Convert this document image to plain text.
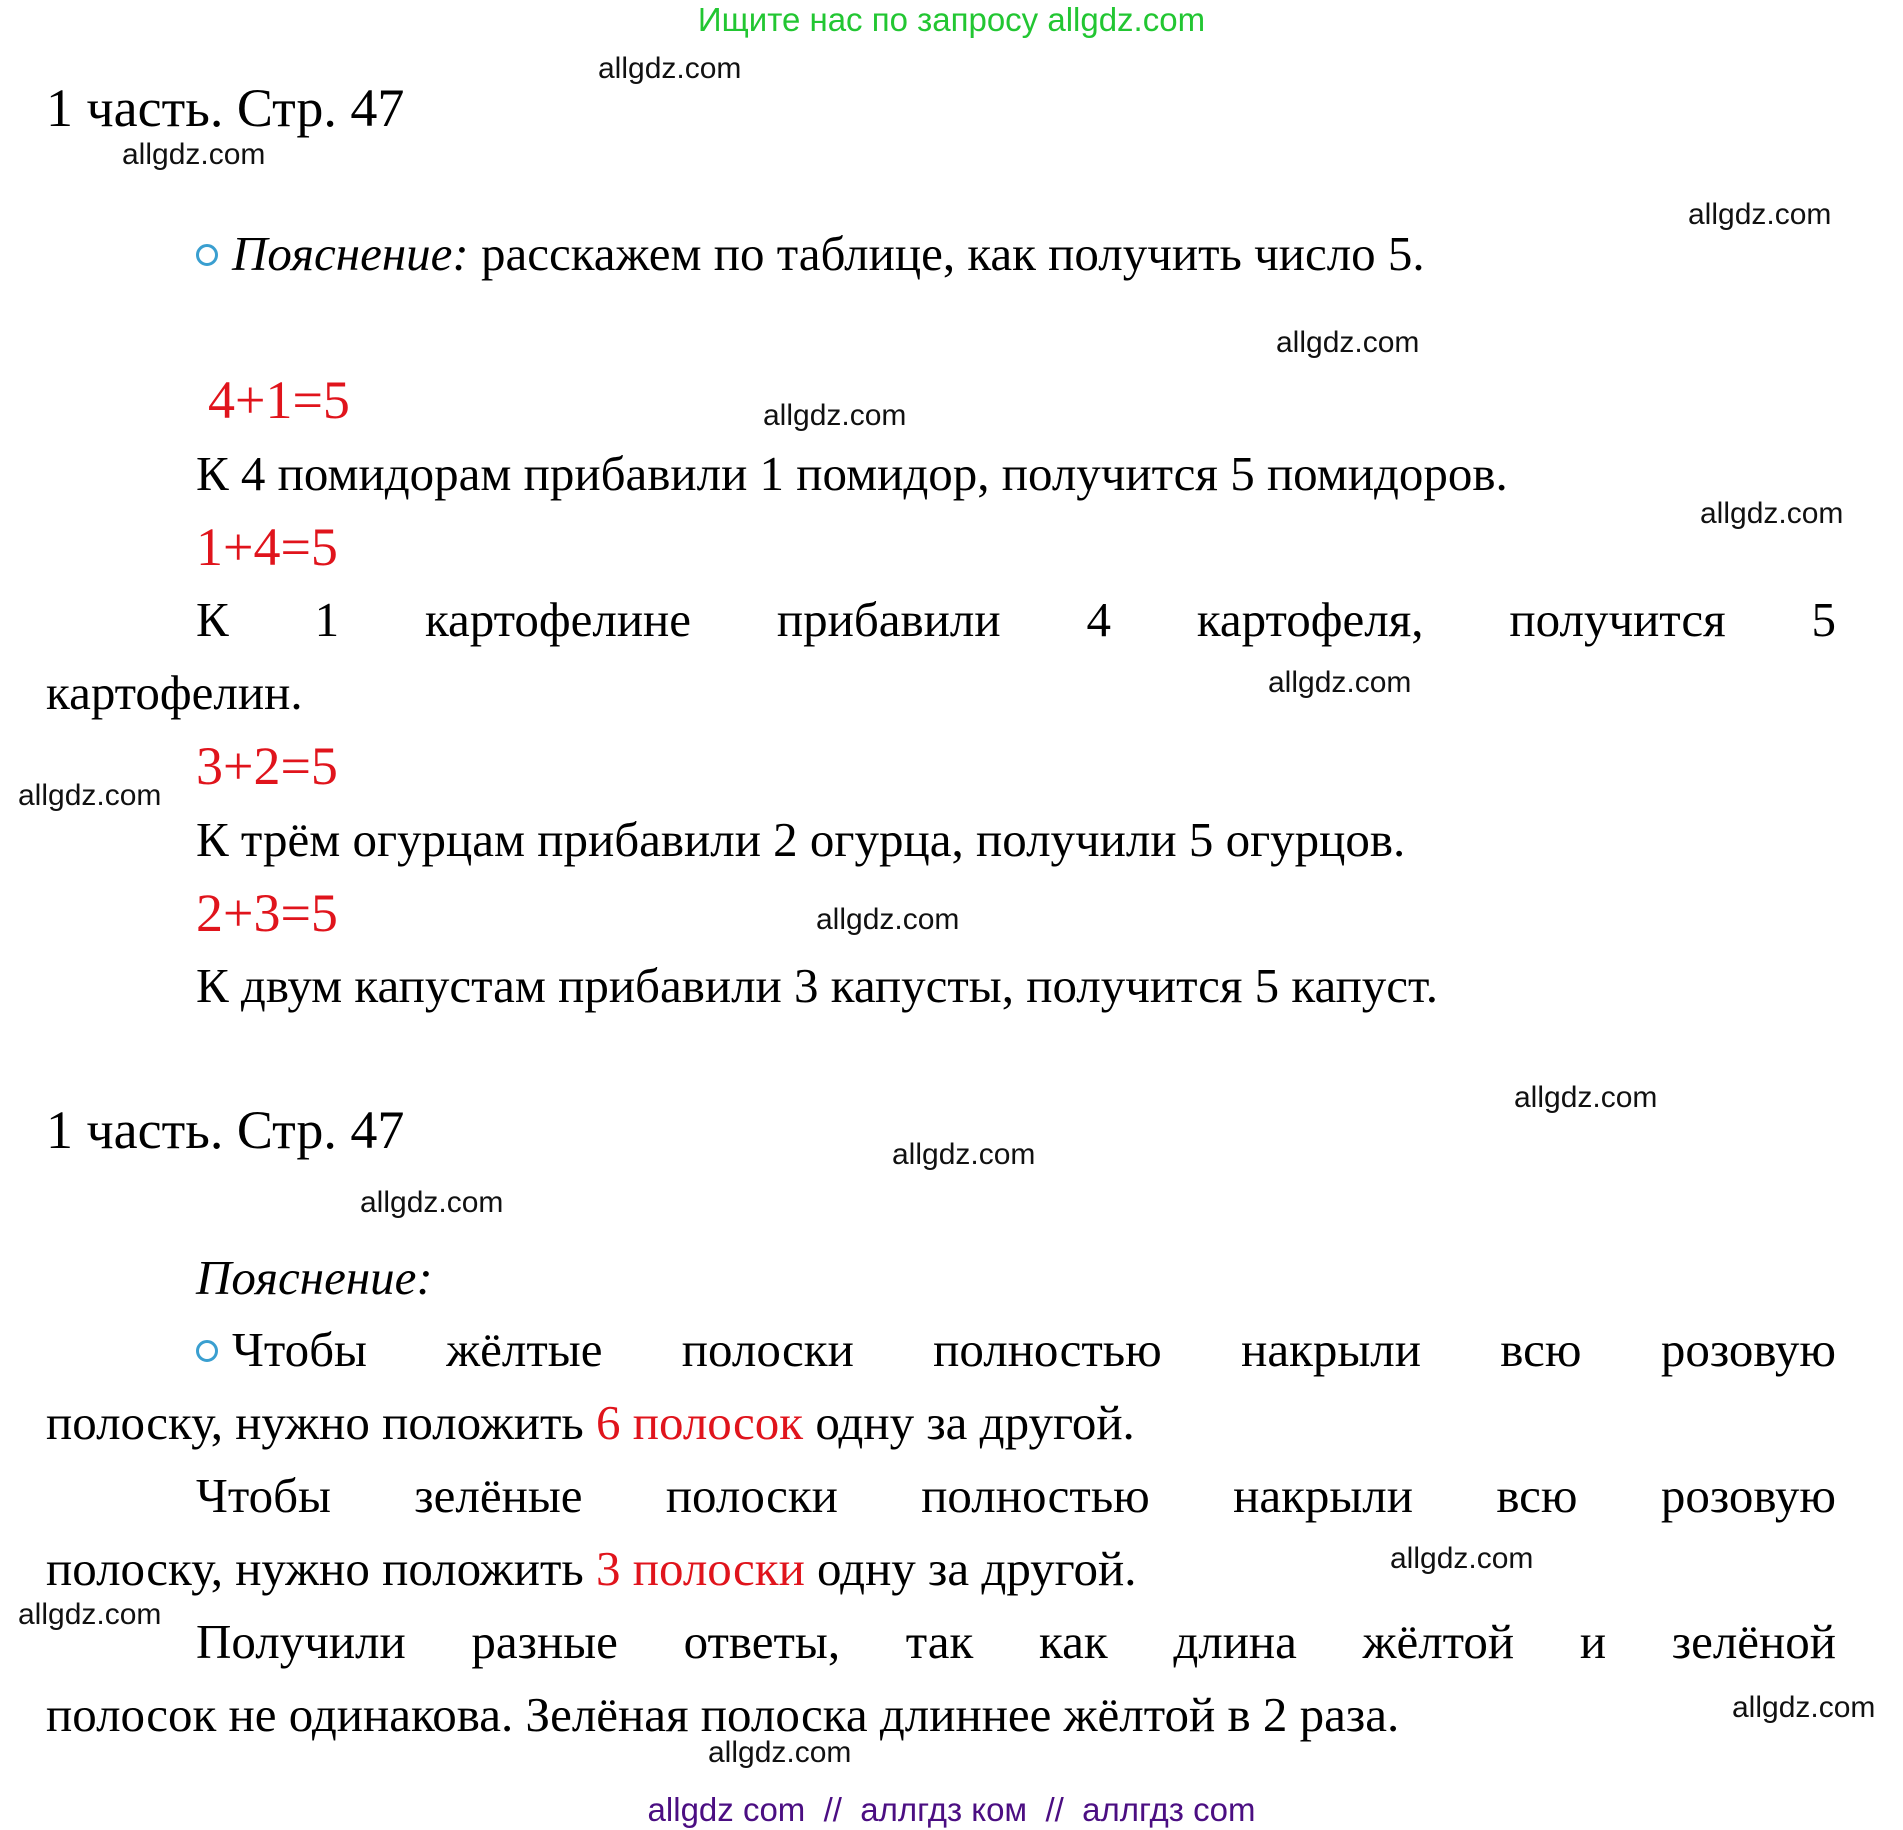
Ищите нас по запросу allgdz.com
allgdz.com
allgdz.com
allgdz.com
allgdz.com
allgdz.com
allgdz.com
allgdz.com
allgdz.com
allgdz.com
allgdz.com
allgdz.com
allgdz.com
allgdz.com
allgdz.com
allgdz.com
allgdz.com
1 часть. Стр. 47
Пояснение: расскажем по таблице, как получить число 5.
4+1=5
К 4 помидорам прибавили 1 помидор, получится 5 помидоров.
1+4=5
К 1 картофелине прибавили 4 картофеля, получится 5
картофелин.
3+2=5
К трём огурцам прибавили 2 огурца, получили 5 огурцов.
2+3=5
К двум капустам прибавили 3 капусты, получится 5 капуст.
1 часть. Стр. 47
Пояснение:
Чтобы жёлтые полоски полностью накрыли всю розовую
полоску, нужно положить 6 полосок одну за другой.
Чтобы зелёные полоски полностью накрыли всю розовую
полоску, нужно положить 3 полоски одну за другой.
Получили разные ответы, так как длина жёлтой и зелёной
полосок не одинакова. Зелёная полоска длиннее жёлтой в 2 раза.
allgdz com  //  аллгдз ком  //  аллгдз com
